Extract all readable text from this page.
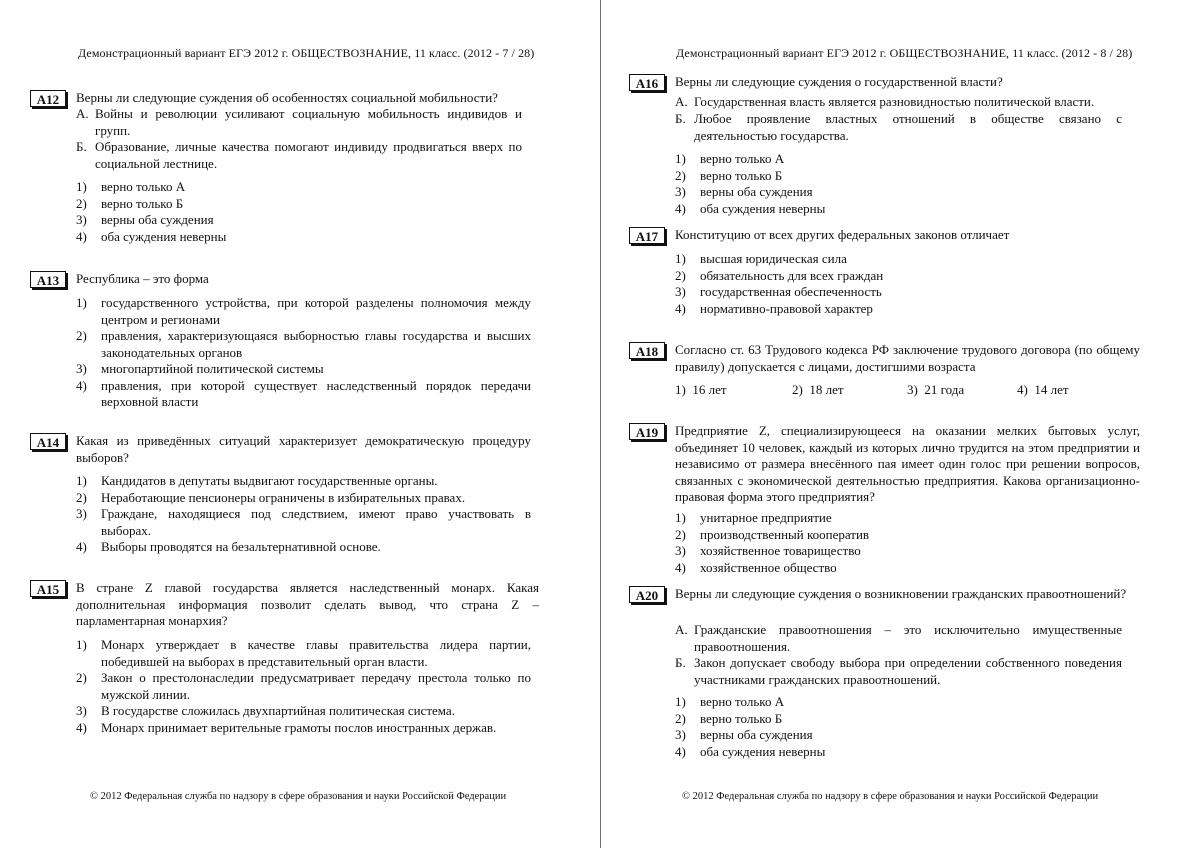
Демонстрационный вариант ЕГЭ 2012 г. ОБЩЕСТВОЗНАНИЕ, 11 класс. (2012 - 7 / 28)
A12	Верны ли следующие суждения об особенностях социальной мобильности?
А. Войны и революции усиливают социальную мобильность индивидов и групп.
Б. Образование, личные качества помогают индивиду продвигаться вверх по социальной лестнице.
1) верно только А
2) верно только Б
3) верны оба суждения
4) оба суждения неверны
A13	Республика – это форма
1) государственного устройства, при которой разделены полномочия между центром и регионами
2) правления, характеризующаяся выборностью главы государства и высших законодательных органов
3) многопартийной политической системы
4) правления, при которой существует наследственный порядок передачи верховной власти
A14	Какая из приведённых ситуаций характеризует демократическую процедуру выборов?
1) Кандидатов в депутаты выдвигают государственные органы.
2) Неработающие пенсионеры ограничены в избирательных правах.
3) Граждане, находящиеся под следствием, имеют право участвовать в выборах.
4) Выборы проводятся на безальтернативной основе.
A15	В стране Z главой государства является наследственный монарх. Какая дополнительная информация позволит сделать вывод, что страна Z – парламентарная монархия?
1) Монарх утверждает в качестве главы правительства лидера партии, победившей на выборах в представительный орган власти.
2) Закон о престолонаследии предусматривает передачу престола только по мужской линии.
3) В государстве сложилась двухпартийная политическая система.
4) Монарх принимает верительные грамоты послов иностранных держав.
© 2012 Федеральная служба по надзору в сфере образования и науки Российской Федерации
Демонстрационный вариант ЕГЭ 2012 г. ОБЩЕСТВОЗНАНИЕ, 11 класс. (2012 - 8 / 28)
A16	Верны ли следующие суждения о государственной власти?
А. Государственная власть является разновидностью политической власти.
Б. Любое проявление властных отношений в обществе связано с деятельностью государства.
1) верно только А
2) верно только Б
3) верны оба суждения
4) оба суждения неверны
A17	Конституцию от всех других федеральных законов отличает
1) высшая юридическая сила
2) обязательность для всех граждан
3) государственная обеспеченность
4) нормативно-правовой характер
A18	Согласно ст. 63 Трудового кодекса РФ заключение трудового договора (по общему правилу) допускается с лицами, достигшими возраста
1) 16 лет	2) 18 лет	3) 21 года	4) 14 лет
A19	Предприятие Z, специализирующееся на оказании мелких бытовых услуг, объединяет 10 человек, каждый из которых лично трудится на этом предприятии и независимо от размера внесённого пая имеет один голос при решении вопросов, связанных с экономической деятельностью предприятия. Какова организационно-правовая форма этого предприятия?
1) унитарное предприятие
2) производственный кооператив
3) хозяйственное товарищество
4) хозяйственное общество
A20	Верны ли следующие суждения о возникновении гражданских правоотношений?
А. Гражданские правоотношения – это исключительно имущественные правоотношения.
Б. Закон допускает свободу выбора при определении собственного поведения участниками гражданских правоотношений.
1) верно только А
2) верно только Б
3) верны оба суждения
4) оба суждения неверны
© 2012 Федеральная служба по надзору в сфере образования и науки Российской Федерации
